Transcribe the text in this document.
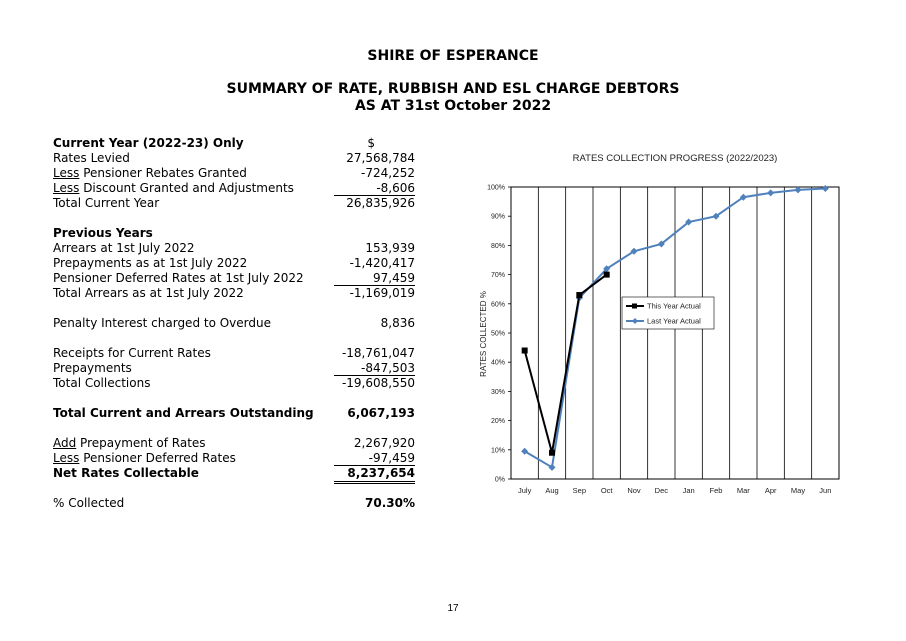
SHIRE OF ESPERANCE
SUMMARY OF RATE, RUBBISH AND ESL CHARGE DEBTORS
AS AT 31st October 2022
Current Year (2022-23) Only	$
Rates Levied	27,568,784
Less Pensioner Rebates Granted	-724,252
Less Discount Granted and Adjustments	-8,606
Total Current Year	26,835,926
Previous Years
Arrears at 1st July 2022	153,939
Prepayments as at 1st July 2022	-1,420,417
Pensioner Deferred Rates at 1st July 2022	97,459
Total Arrears as at 1st July 2022	-1,169,019
Penalty Interest charged to Overdue	8,836
Receipts for Current Rates	-18,761,047
Prepayments	-847,503
Total Collections	-19,608,550
Total Current and Arrears Outstanding	6,067,193
Add Prepayment of Rates	2,267,920
Less Pensioner Deferred Rates	-97,459
Net Rates Collectable	8,237,654
% Collected	70.30%
RATES COLLECTION PROGRESS (2022/2023)
RATES COLLECTED %
0%
10%
20%
30%
40%
50%
60%
70%
80%
90%
100%
July Aug Sep Oct Nov Dec Jan Feb Mar Apr May Jun
This Year Actual
Last Year Actual
17
